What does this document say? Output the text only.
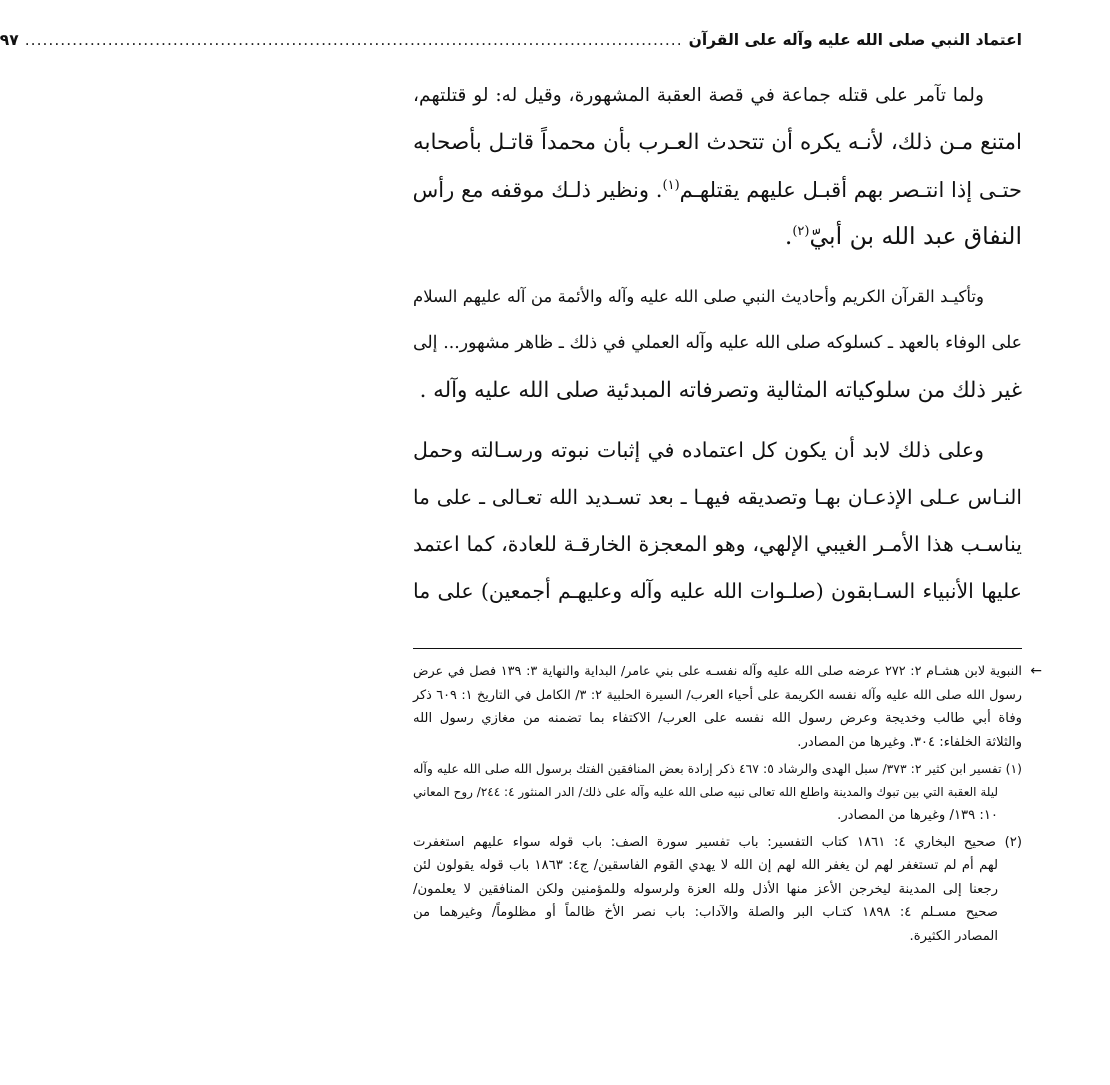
اعتماد النبي صلى الله عليه وآله على القرآن
...............................................................................................................
٩٧

ولما تآمر على قتله جماعة في قصة العقبة المشهورة، وقيل له: لو قتلتهم،
امتنع مـن ذلك، لأنـه يكره أن تتحدث العـرب بأن محمداً قاتـل بأصحابه
حتـى إذا انتـصر بهم أقبـل عليهم يقتلهـم$^{(١)}$. ونظير ذلـك موقفه مع رأس
النفاق عبد الله بن أبيّ$^{(٢)}$.

وتأكيـد القرآن الكريم وأحاديث النبي صلى الله عليه وآله والأئمة من آله عليهم السلام
على الوفاء بالعهد ـ كسلوكه صلى الله عليه وآله العملي في ذلك ـ ظاهر مشهور... إلى
غير ذلك من سلوكياته المثالية وتصرفاته المبدئية صلى الله عليه وآله .

وعلى ذلك لابد أن يكون كل اعتماده في إثبات نبوته ورسـالته وحمل
النـاس عـلى الإذعـان بهـا وتصديقه فيهـا ـ بعد تسـديد الله تعـالى ـ على ما
يناسـب هذا الأمـر الغيبي الإلهي، وهو المعجزة الخارقـة للعادة، كما اعتمد
عليها الأنبياء السـابقون (صلـوات الله عليه وآله وعليهـم أجمعين) على ما

←
النبوية لابن هشـام ٢: ٢٧٢ عرضه صلى الله عليه وآله نفسـه على بني عامر/ البداية والنهاية ٣: ١٣٩ فصل في عرض
رسول الله صلى الله عليه وآله نفسه الكريمة على أحياء العرب/ السيرة الحلبية ٢: ٣/ الكامل في التاريخ ١: ٦٠٩ ذكر
وفاة أبي طالب وخديجة وعرض رسول الله نفسه على العرب/ الاكتفاء بما تضمنه من مغازي رسول الله
والثلاثة الخلفاء: ٣٠٤. وغيرها من المصادر.
(١) تفسير ابن كثير ٢: ٣٧٣/ سبل الهدى والرشاد ٥: ٤٦٧ ذكر إرادة بعض المنافقين الفتك برسول الله صلى الله عليه وآله
ليلة العقبة التي بين تبوك والمدينة واطلع الله تعالى نبيه صلى الله عليه وآله على ذلك/ الدر المنثور ٤: ٢٤٤/ روح المعاني
١٠: ١٣٩/ وغيرها من المصادر.
(٢) صحيح البخاري ٤: ١٨٦١ كتاب التفسير: باب تفسير سورة الصف: باب قوله سواء عليهم استغفرت
لهم أم لم تستغفر لهم لن يغفر الله لهم إن الله لا يهدي القوم الفاسقين/ ج٤: ١٨٦٣ باب قوله يقولون لئن
رجعنا إلى المدينة ليخرجن الأعز منها الأذل ولله العزة ولرسوله وللمؤمنين ولكن المنافقين لا يعلمون/
صحيح مسـلم ٤: ١٨٩٨ كتـاب البر والصلة والآداب: باب نصر الأخ ظالماً أو مظلوماً/ وغيرهما من
المصادر الكثيرة.
